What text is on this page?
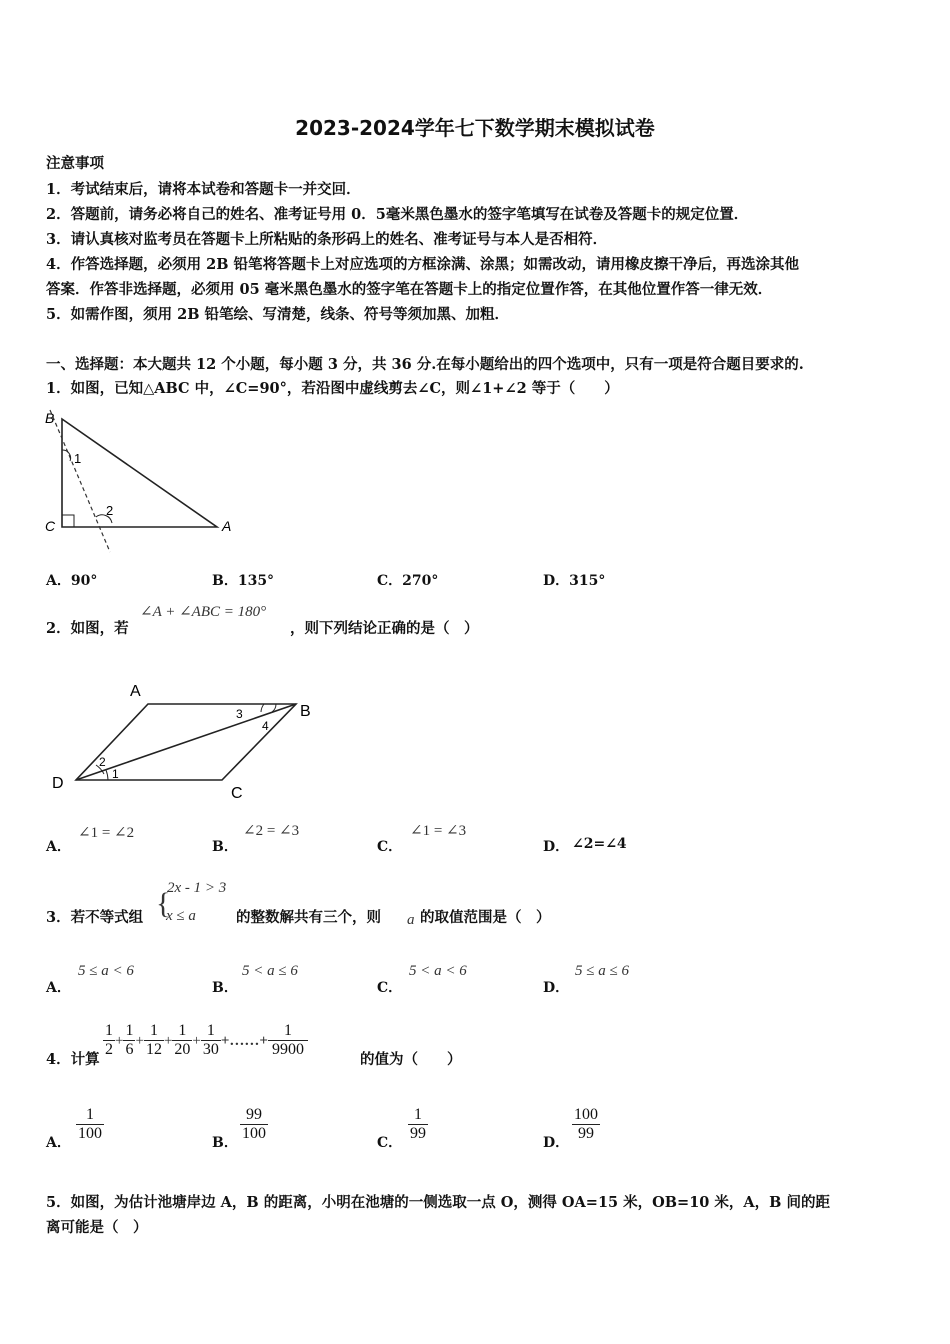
2023-2024学年七下数学期末模拟试卷
注意事项
1．考试结束后，请将本试卷和答题卡一并交回．
2．答题前，请务必将自己的姓名、准考证号用 0．5毫米黑色墨水的签字笔填写在试卷及答题卡的规定位置．
3．请认真核对监考员在答题卡上所粘贴的条形码上的姓名、准考证号与本人是否相符．
4．作答选择题，必须用 2B 铅笔将答题卡上对应选项的方框涂满、涂黑；如需改动，请用橡皮擦干净后，再选涂其他
答案．作答非选择题，必须用 05 毫米黑色墨水的签字笔在答题卡上的指定位置作答，在其他位置作答一律无效．
5．如需作图，须用 2B 铅笔绘、写清楚，线条、符号等须加黑、加粗．
一、选择题：本大题共 12 个小题，每小题 3 分，共 36 分.在每小题给出的四个选项中，只有一项是符合题目要求的.
1．如图，已知△ABC 中，∠C=90°，若沿图中虚线剪去∠C，则∠1+∠2 等于（　　）
B
C	A
1
2
A．90°	B．135°	C．270°	D．315°
2．如图，若
∠A + ∠ABC = 180°
，则下列结论正确的是（　）
A
B
C
D
1
2
3
4
A．
∠1 = ∠2
B．
∠2 = ∠3
C．
∠1 = ∠3
D． ∠2=∠4
3．若不等式组 {
2x - 1 > 3
x ≤ a	的整数解共有三个，则 a 的取值范围是（　）
A．
5 ≤ a < 6
B．
5 < a ≤ 6
C．
5 < a < 6
D．
5 ≤ a ≤ 6
4．计算
$\frac{1}{2} + \frac{1}{6} + \frac{1}{12} + \frac{1}{20} + \frac{1}{30}$ +……+ $\frac{1}{9900}$
的值为（　　）
A． $\frac{1}{100}$	B． $\frac{99}{100}$	C． $\frac{1}{99}$	D． $\frac{100}{99}$
5．如图，为估计池塘岸边 A，B 的距离，小明在池塘的一侧选取一点 O，测得 OA=15 米，OB=10 米，A，B 间的距
离可能是（　）
